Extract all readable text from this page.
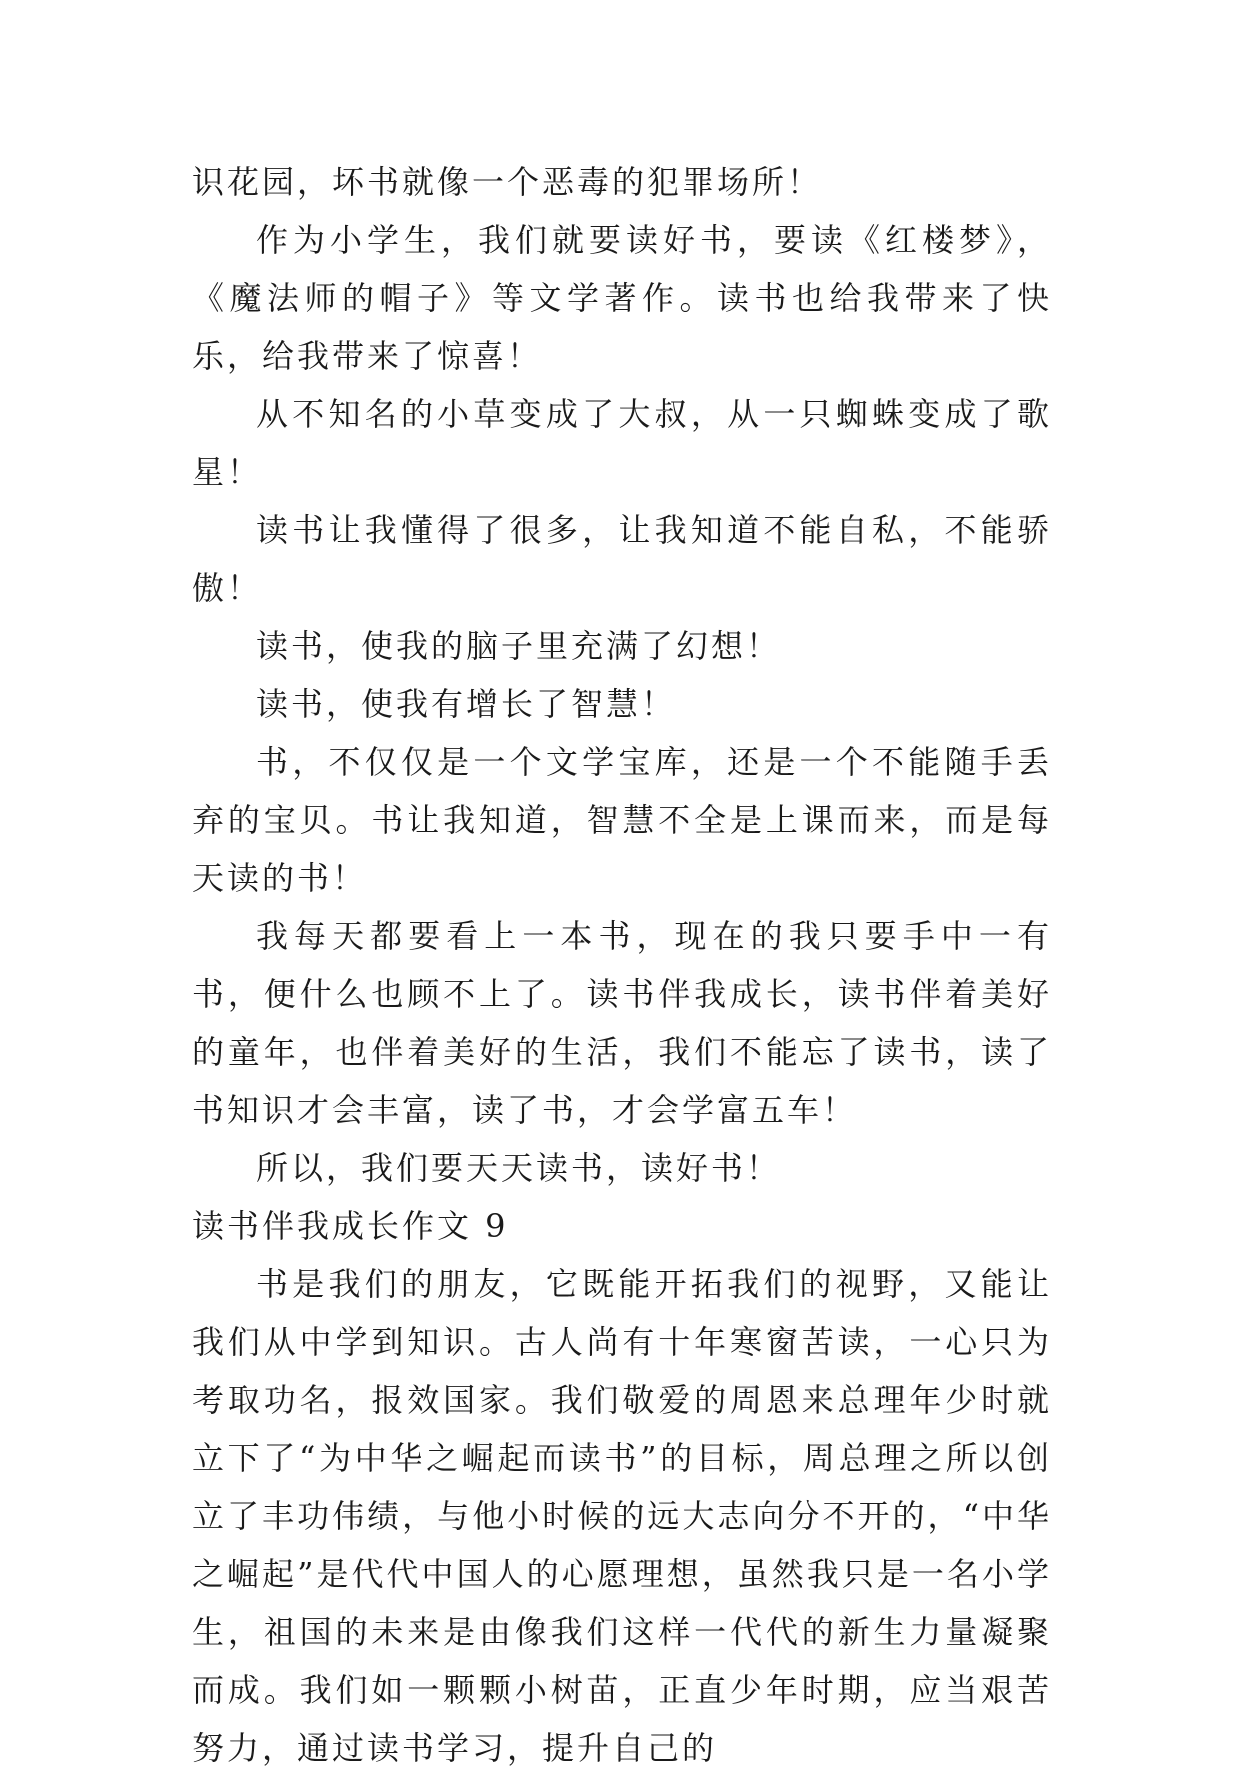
识花园，坏书就像一个恶毒的犯罪场所！

作为小学生，我们就要读好书，要读《红楼梦》，《魔法师的帽子》等文学著作。读书也给我带来了快乐，给我带来了惊喜！

从不知名的小草变成了大叔，从一只蜘蛛变成了歌星！

读书让我懂得了很多，让我知道不能自私，不能骄傲！

读书，使我的脑子里充满了幻想！

读书，使我有增长了智慧！

书，不仅仅是一个文学宝库，还是一个不能随手丢弃的宝贝。书让我知道，智慧不全是上课而来，而是每天读的书！

我每天都要看上一本书，现在的我只要手中一有书，便什么也顾不上了。读书伴我成长，读书伴着美好的童年，也伴着美好的生活，我们不能忘了读书，读了书知识才会丰富，读了书，才会学富五车！

所以，我们要天天读书，读好书！

读书伴我成长作文 9

书是我们的朋友，它既能开拓我们的视野，又能让我们从中学到知识。古人尚有十年寒窗苦读，一心只为考取功名，报效国家。我们敬爱的周恩来总理年少时就立下了“为中华之崛起而读书”的目标，周总理之所以创立了丰功伟绩，与他小时候的远大志向分不开的，“中华之崛起”是代代中国人的心愿理想，虽然我只是一名小学生，祖国的未来是由像我们这样一代代的新生力量凝聚而成。我们如一颗颗小树苗，正直少年时期，应当艰苦努力，通过读书学习，提升自己的
